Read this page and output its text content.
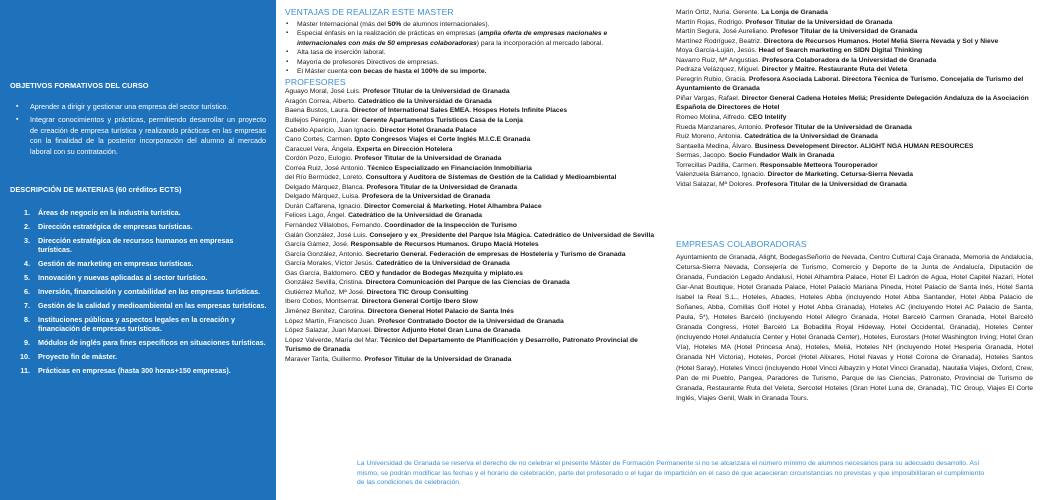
OBJETIVOS FORMATIVOS DEL CURSO
▪ Aprender a dirigir y gestionar una empresa del sector turístico.
▪ Integrar conocimientos y prácticas, permitiendo desarrollar un proyecto de creación de empresa turística y realizando prácticas en las empresas con la finalidad de la posterior incorporación del alumno al mercado laboral con su contratación.
DESCRIPCIÓN DE MATERIAS (60 créditos ECTS)
1.	Áreas de negocio en la industria turística.
2.	Dirección estratégica de empresas turísticas.
3.	Dirección estratégica de recursos humanos en empresas turísticas.
4.	Gestión de marketing en empresas turísticas.
5.	Innovación y nuevas aplicadas al sector turístico.
6.	Inversión, financiación y contabilidad en las empresas turísticas.
7.	Gestión de la calidad y medioambiental en las empresas turísticas.
8.	Instituciones públicas y aspectos legales en la creación y financiación de empresas turísticas.
9.	Módulos de inglés para fines específicos en situaciones turísticas.
10.	Proyecto fin de máster.
11.	Prácticas en empresas (hasta 300 horas+150 empresas).

VENTAJAS DE REALIZAR ESTE MASTER

▪ Máster Internacional (más del 50% de alumnos internacionales).
▪ Especial énfasis en la realización de prácticas en empresas (amplia oferta de empresas nacionales e internacionales con más de 50 empresas colaboradoras) para la incorporación al mercado laboral.
▪ Alta tasa de inserción laboral.
▪ Mayoría de profesores Directivos de empresas.
▪ El Máster cuenta con becas de hasta el 100% de su importe.

PROFESORES

Aguayo Moral, José Luis. Profesor Titular de la Universidad de Granada

Aragón Correa, Alberto. Catedrático de la Universidad de Granada

Baena Bustos, Laura. Director of International Sales EMEA. Hospes Hotels Infinite Places

Bullejos Peregrín, Javier. Gerente Apartamentos Turísticos Casa de la Lonja

Cabello Aparicio, Juan Ignacio. Director Hotel Granada Palace

Cano Cortes, Carmen. Dpto Congresos Viajes el Corte Inglés M.I.C.E Granada

Caracuel Vera, Ángela. Experta en Dirección Hotelera

Cordón Pozo, Eulogio. Profesor Titular de la Universidad de Granada

Correa Ruiz, José Antonio. Técnico Especializado en Financiación Inmobiliaria

del Río Bermúdez, Loreto. Consultora y Auditora de Sistemas de Gestión de la Calidad y Medioambiental

Delgado Márquez, Blanca. Profesora Titular de la Universidad de Granada

Delgado Márquez, Luisa. Profesora de la Universidad de Granada

Durán Caffarena, Ignacio. Director Comercial & Marketing. Hotel Alhambra Palace

Felices Lago, Ángel. Catedrático de la Universidad de Granada

Fernández Villalobos, Fernando. Coordinador de la Inspección de Turismo

Galán González, José Luis. Consejero y ex_Presidente del Parque Isla Mágica. Catedrático de Universidad de Sevilla

García Gámez, José. Responsable de Recursos Humanos. Grupo Maciá Hoteles

García González, Antonio. Secretario General. Federación de empresas de Hostelería y Turismo de Granada

García Morales, Víctor Jesús. Catedrático de la Universidad de Granada

Gas García, Baldomero. CEO y fundador de Bodegas Mezquita y miplato.es

González Sevilla, Cristina. Directora Comunicación del Parque de las Ciencias de Granada

Gutiérrez Muñoz, Mª José. Directora TIC Group Consulting

Ibero Cobos, Montserrat. Directora General Cortijo Ibero Slow

Jiménez Benítez, Carolina. Directora General Hotel Palacio de Santa Inés

López Martín, Francisco Juan. Profesor Contratado Doctor de la Universidad de Granada

López Salazar, Juan Manuel. Director Adjunto Hotel Gran Luna de Granada

López Valverde, María del Mar. Técnico del Departamento de Planificación y Desarrollo, Patronato Provincial de Turismo de Granada

Maraver Tarifa, Guillermo. Profesor Titular de la Universidad de Granada

Marín Ortiz, Nuria. Gerente. La Lonja de Granada

Martín Rojas, Rodrigo. Profesor Titular de la Universidad de Granada

Martín Segura, José Aureliano. Profesor Titular de la Universidad de Granada

Martínez Rodríguez, Beatriz. Directora de Recursos Humanos. Hotel Meliá Sierra Nevada y Sol y Nieve

Moya García-Luján, Jesús. Head of Search marketing en SIDN Digital Thinking

Navarro Ruiz, Mª Angustias. Profesora Colaboradora de la Universidad de Granada

Pedraza Velázquez, Miguel. Director y Maître. Restaurante Ruta del Veleta

Peregrín Rubio, Gracia. Profesora Asociada Laboral. Directora Técnica de Turismo. Concejalía de Turismo del Ayuntamiento de Granada

Piñar Vargas, Rafael. Director General Cadena Hoteles Meliá; Presidente Delegación Andaluza de la Asociación Española de Directores de Hotel

Romeo Molina, Alfredo. CEO Intelify

Rueda Manzanares, Antonio. Profesor Titular de la Universidad de Granada

Ruiz Moreno, Antonia. Catedrática de la Universidad de Granada

Santaella Medina, Álvaro. Business Development Director. ALIGHT NGA HUMAN RESOURCES

Sermas, Jacopo. Socio Fundador Walk in Granada

Torrecillas Padilla, Carmen. Responsable Metteora Touroperador

Valenzuela Barranco, Ignacio. Director de Marketing. Cetursa-Sierra Nevada

Vidal Salazar, Mª Dolores. Profesora Titular de la Universidad de Granada

EMPRESAS COLABORADORAS

Ayuntamiento de Granada, Alight, BodegasSeñorío de Nevada, Centro Cultural Caja Granada, Memoria de Andalucía, Cetursa-Sierra Nevada, Consejería de Turismo, Comercio y Deporte de la Junta de Andalucía, Diputación de Granada, Fundación Legado Andalusí, Hotel Alhambra Palace, Hotel El Ladrón de Agua, Hotel Capitel Nazarí, Hotel Gar-Anat Boutique, Hotel Granada Palace, Hotel Palacio Mariana Pineda, Hotel Palacio de Santa Inés, Hotel Santa Isabel la Real S.L., Hoteles, Abades, Hoteles Abba (incluyendo Hotel Abba Santander, Hotel Abba Palacio de Soñanes, Abba, Comillas Golf Hotel y Hotel Abba Granada), Hoteles AC (incluyendo Hotel AC Palacio de Santa, Paula, 5*), Hoteles Barceló (incluyendo Hotel Allegro Granada, Hotel Barceló Carmen Granada, Hotel Barceló Granada Congress, Hotel Barceló La Bobadilla Royal Hideway, Hotel Occidental, Granada), Hoteles Center (incluyendo Hotel Andalucía Center y Hotel Granada Center), Hoteles, Eurostars (Hotel Washington Irving; Hotel Gran Vía), Hoteles MA (Hotel Princesa Ana), Hoteles, Meliá, Hoteles NH (incluyendo Hotel Hesperia Granada, Hotel Granada NH Victoria), Hoteles, Porcel (Hotel Alixares, Hotel Navas y Hotel Corona de Granada), Hoteles Santos (Hotel Saray), Hoteles Vincci (incluyendo Hotel Vincci Albayzín y Hotel Vincci Granada), Nautalia Viajes, Oxford, Crew, Pan de mi Pueblo, Pangea, Paradores de Turismo, Parque de las Ciencias, Patronato, Provincial de Turismo de Granada, Restaurante Ruta del Veleta, Sercotel Hoteles (Gran Hotel Luna de, Granada), TIC Group, Viajes El Corte Inglés, Viajes Genil, Walk in Granada Tours.

La Universidad de Granada se reserva el derecho de no celebrar el presente Máster de Formación Permanente si no se alcanzara el número mínimo de alumnos necesarios para su adecuado desarrollo. Así mismo, se podrán modificar las fechas y el horario de celebración, parte del profesorado o el lugar de impartición en el caso de que acaecieran circunstancias no previstas y que imposibilitaran el cumplimiento de las condiciones de celebración.
